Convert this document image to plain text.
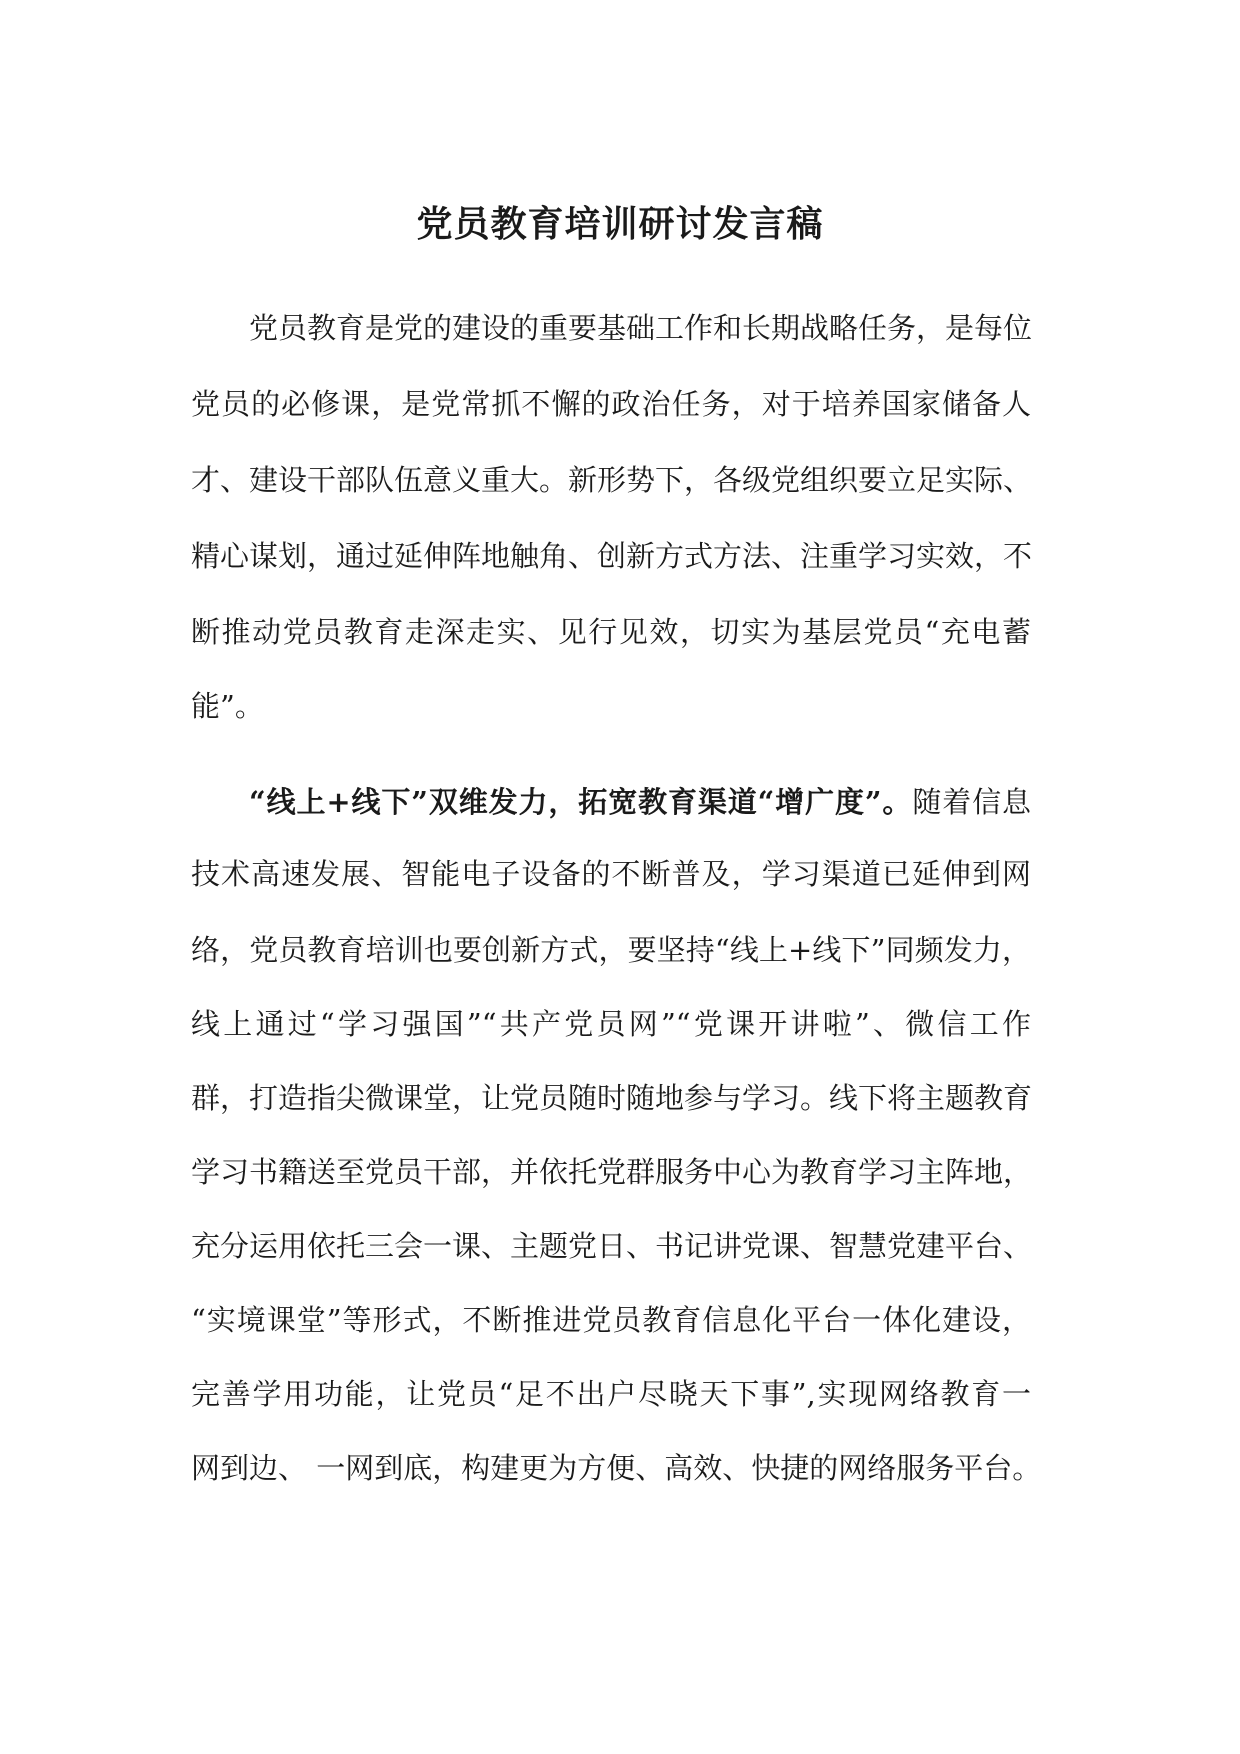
党员教育培训研讨发言稿
党员教育是党的建设的重要基础工作和长期战略任务，是每位
党员的必修课，是党常抓不懈的政治任务，对于培养国家储备人
才、建设干部队伍意义重大。新形势下，各级党组织要立足实际、
精心谋划，通过延伸阵地触角、创新方式方法、注重学习实效，不
断推动党员教育走深走实、见行见效，切实为基层党员“充电蓄
能”。
“线上+线下”双维发力，拓宽教育渠道“增广度”。随着信息
技术高速发展、智能电子设备的不断普及，学习渠道已延伸到网
络，党员教育培训也要创新方式，要坚持“线上+线下”同频发力，
线上通过“学习强国”“共产党员网”“党课开讲啦”、微信工作
群，打造指尖微课堂，让党员随时随地参与学习。线下将主题教育
学习书籍送至党员干部，并依托党群服务中心为教育学习主阵地，
充分运用依托三会一课、主题党日、书记讲党课、智慧党建平台、
“实境课堂”等形式，不断推进党员教育信息化平台一体化建设，
完善学用功能，让党员“足不出户尽晓天下事”,实现网络教育一
网到边、 一网到底，构建更为方便、高效、快捷的网络服务平台。
